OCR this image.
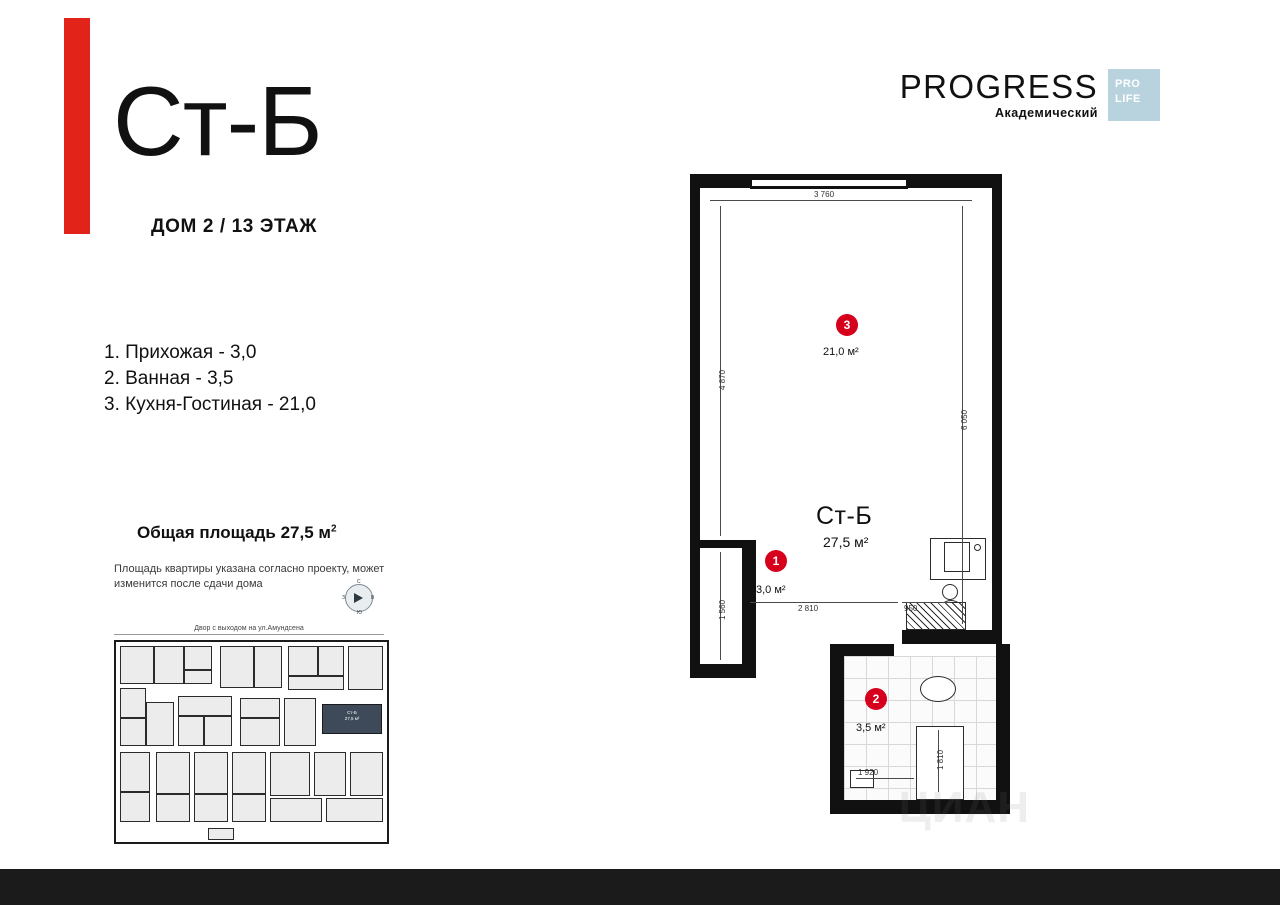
Ст-Б
ДОМ 2 / 13 ЭТАЖ
1. Прихожая - 3,0
2. Ванная - 3,5
3. Кухня-Гостиная - 21,0
Общая площадь 27,5 $м^2$
Площадь квартиры указана согласно проекту, может изменится после сдачи дома	С
В
Ю
З
Двор с выходом на ул.Амундсена
Ст-Б
27,5 м²
PROGRESS
Академический
PRO
LIFE
3
21,0 м²
1
3,0 м²
2
3,5 м²
Ст-Б
27,5 м²
3 760
4 870
1 560
6 050
2 810	950
1 920
1 810
ЦИАН
